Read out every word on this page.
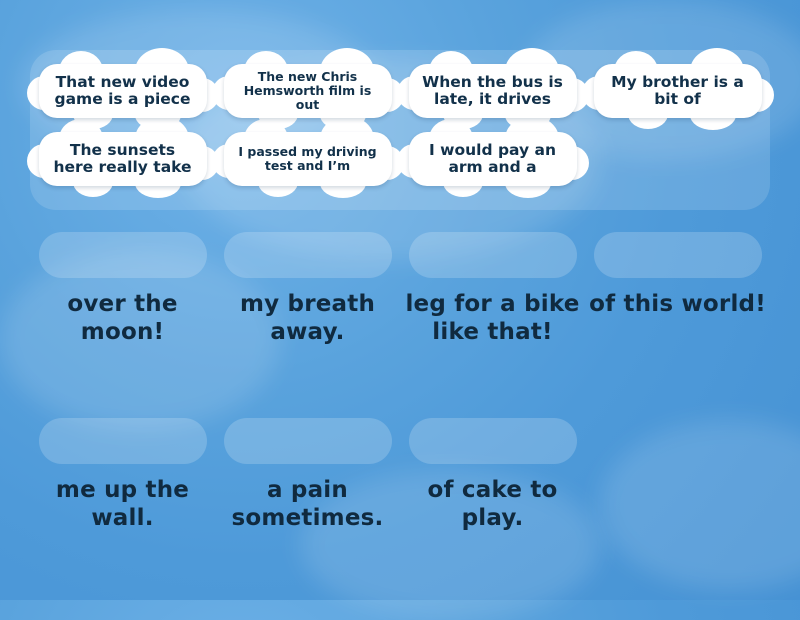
That new video game is a piece
The new Chris Hemsworth film is out
When the bus is late, it drives
My brother is a bit of
The sunsets here really take
I passed my driving test and I’m
I would pay an arm and a
over the moon!
my breath away.
leg for a bike like that!
of this world!
me up the wall.
a pain sometimes.
of cake to play.
